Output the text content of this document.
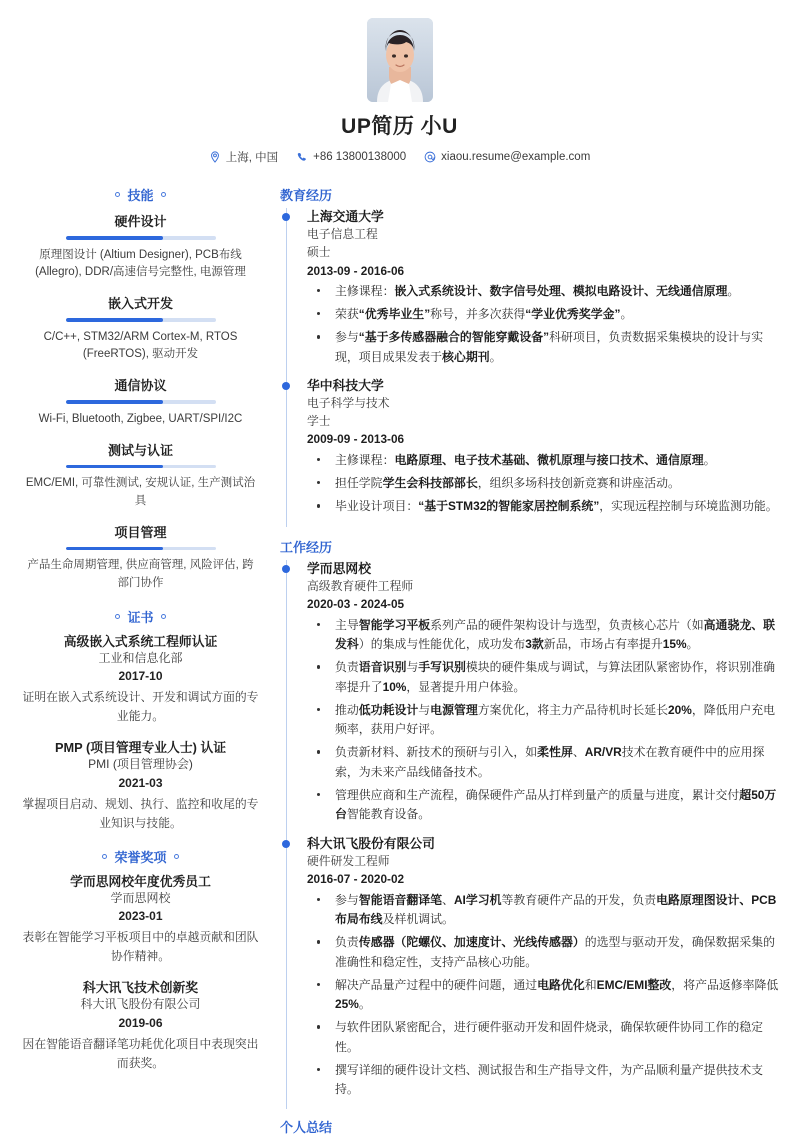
UP简历 小U
上海, 中国	+86 13800138000	xiaou.resume@example.com
技能
硬件设计
原理图设计 (Altium Designer), PCB布线 (Allegro), DDR/高速信号完整性, 电源管理
嵌入式开发
C/C++, STM32/ARM Cortex-M, RTOS (FreeRTOS), 驱动开发
通信协议
Wi-Fi, Bluetooth, Zigbee, UART/SPI/I2C
测试与认证
EMC/EMI, 可靠性测试, 安规认证, 生产测试治具
项目管理
产品生命周期管理, 供应商管理, 风险评估, 跨部门协作
证书
高级嵌入式系统工程师认证
工业和信息化部
2017-10
证明在嵌入式系统设计、开发和调试方面的专业能力。
PMP (项目管理专业人士) 认证
PMI (项目管理协会)
2021-03
掌握项目启动、规划、执行、监控和收尾的专业知识与技能。
荣誉奖项
学而思网校年度优秀员工
学而思网校
2023-01
表彰在智能学习平板项目中的卓越贡献和团队协作精神。
科大讯飞技术创新奖
科大讯飞股份有限公司
2019-06
因在智能语音翻译笔功耗优化项目中表现突出而获奖。
教育经历
上海交通大学
电子信息工程
硕士
2013-09 - 2016-06
主修课程：嵌入式系统设计、数字信号处理、模拟电路设计、无线通信原理。
荣获“优秀毕业生”称号，并多次获得“学业优秀奖学金”。
参与“基于多传感器融合的智能穿戴设备”科研项目，负责数据采集模块的设计与实现，项目成果发表于核心期刊。
华中科技大学
电子科学与技术
学士
2009-09 - 2013-06
主修课程：电路原理、电子技术基础、微机原理与接口技术、通信原理。
担任学院学生会科技部部长，组织多场科技创新竞赛和讲座活动。
毕业设计项目：“基于STM32的智能家居控制系统”，实现远程控制与环境监测功能。
工作经历
学而思网校
高级教育硬件工程师
2020-03 - 2024-05
主导智能学习平板系列产品的硬件架构设计与选型，负责核心芯片（如高通骁龙、联发科）的集成与性能优化，成功发布3款新品，市场占有率提升15%。
负责语音识别与手写识别模块的硬件集成与调试，与算法团队紧密协作，将识别准确率提升了10%，显著提升用户体验。
推动低功耗设计与电源管理方案优化，将主力产品待机时长延长20%，降低用户充电频率，获用户好评。
负责新材料、新技术的预研与引入，如柔性屏、AR/VR技术在教育硬件中的应用探索，为未来产品线储备技术。
管理供应商和生产流程，确保硬件产品从打样到量产的质量与进度，累计交付超50万台智能教育设备。
科大讯飞股份有限公司
硬件研发工程师
2016-07 - 2020-02
参与智能语音翻译笔、AI学习机等教育硬件产品的开发，负责电路原理图设计、PCB布局布线及样机调试。
负责传感器（陀螺仪、加速度计、光线传感器）的选型与驱动开发，确保数据采集的准确性和稳定性，支持产品核心功能。
解决产品量产过程中的硬件问题，通过电路优化和EMC/EMI整改，将产品返修率降低25%。
与软件团队紧密配合，进行硬件驱动开发和固件烧录，确保软硬件协同工作的稳定性。
撰写详细的硬件设计文档、测试报告和生产指导文件，为产品顺利量产提供技术支持。
个人总结
